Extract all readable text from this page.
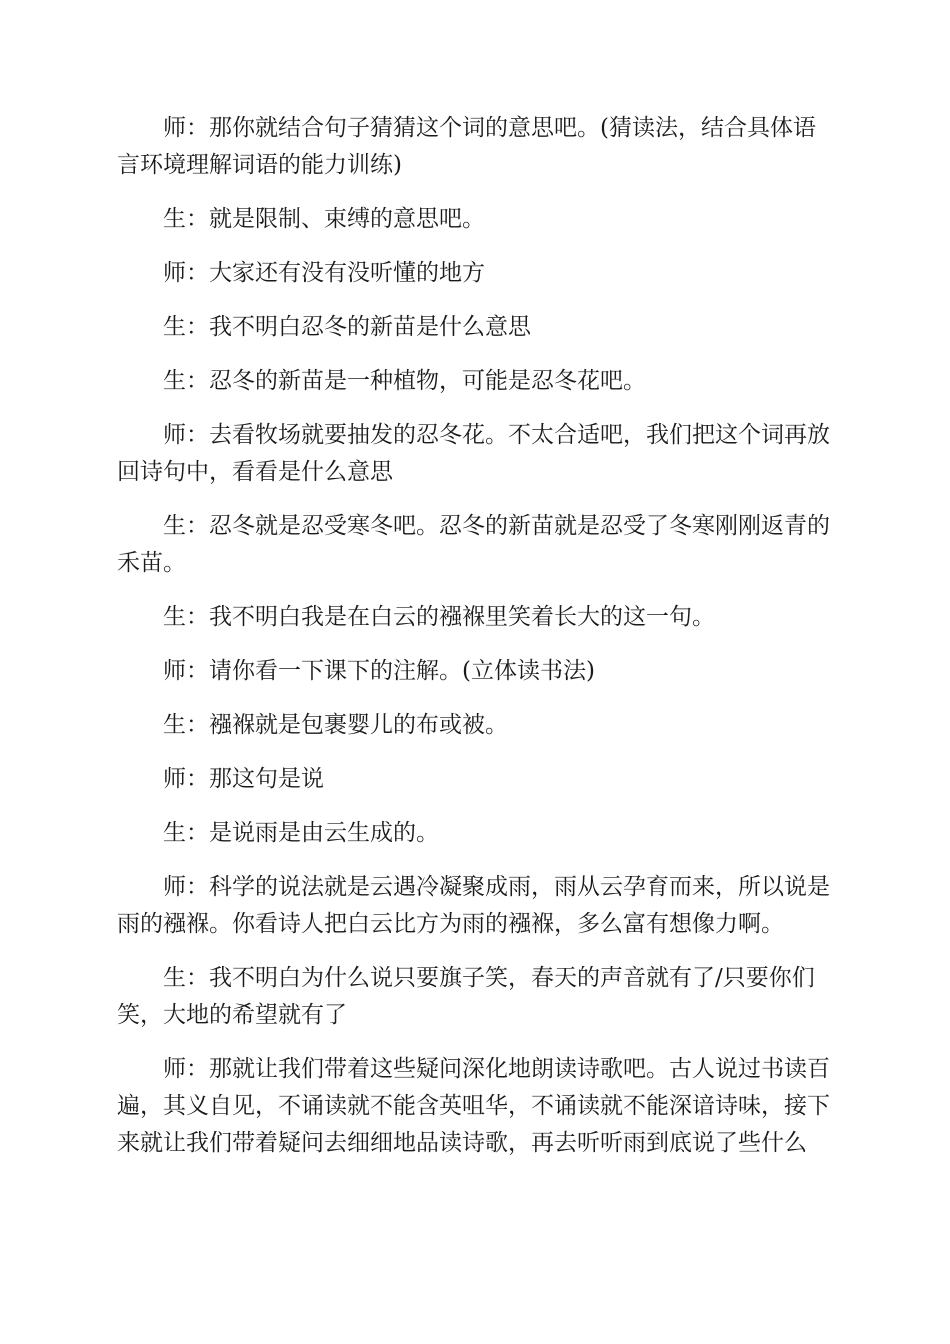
师：那你就结合句子猜猜这个词的意思吧。(猜读法，结合具体语言环境理解词语的能力训练)

生：就是限制、束缚的意思吧。

师：大家还有没有没听懂的地方

生：我不明白忍冬的新苗是什么意思

生：忍冬的新苗是一种植物，可能是忍冬花吧。

师：去看牧场就要抽发的忍冬花。不太合适吧，我们把这个词再放回诗句中，看看是什么意思

生：忍冬就是忍受寒冬吧。忍冬的新苗就是忍受了冬寒刚刚返青的禾苗。

生：我不明白我是在白云的襁褓里笑着长大的这一句。

师：请你看一下课下的注解。(立体读书法)

生：襁褓就是包裹婴儿的布或被。

师：那这句是说

生：是说雨是由云生成的。

师：科学的说法就是云遇冷凝聚成雨，雨从云孕育而来，所以说是雨的襁褓。你看诗人把白云比方为雨的襁褓，多么富有想像力啊。

生：我不明白为什么说只要旗子笑，春天的声音就有了/只要你们笑，大地的希望就有了

师：那就让我们带着这些疑问深化地朗读诗歌吧。古人说过书读百遍，其义自见，不诵读就不能含英咀华，不诵读就不能深谙诗味，接下来就让我们带着疑问去细细地品读诗歌，再去听听雨到底说了些什么
